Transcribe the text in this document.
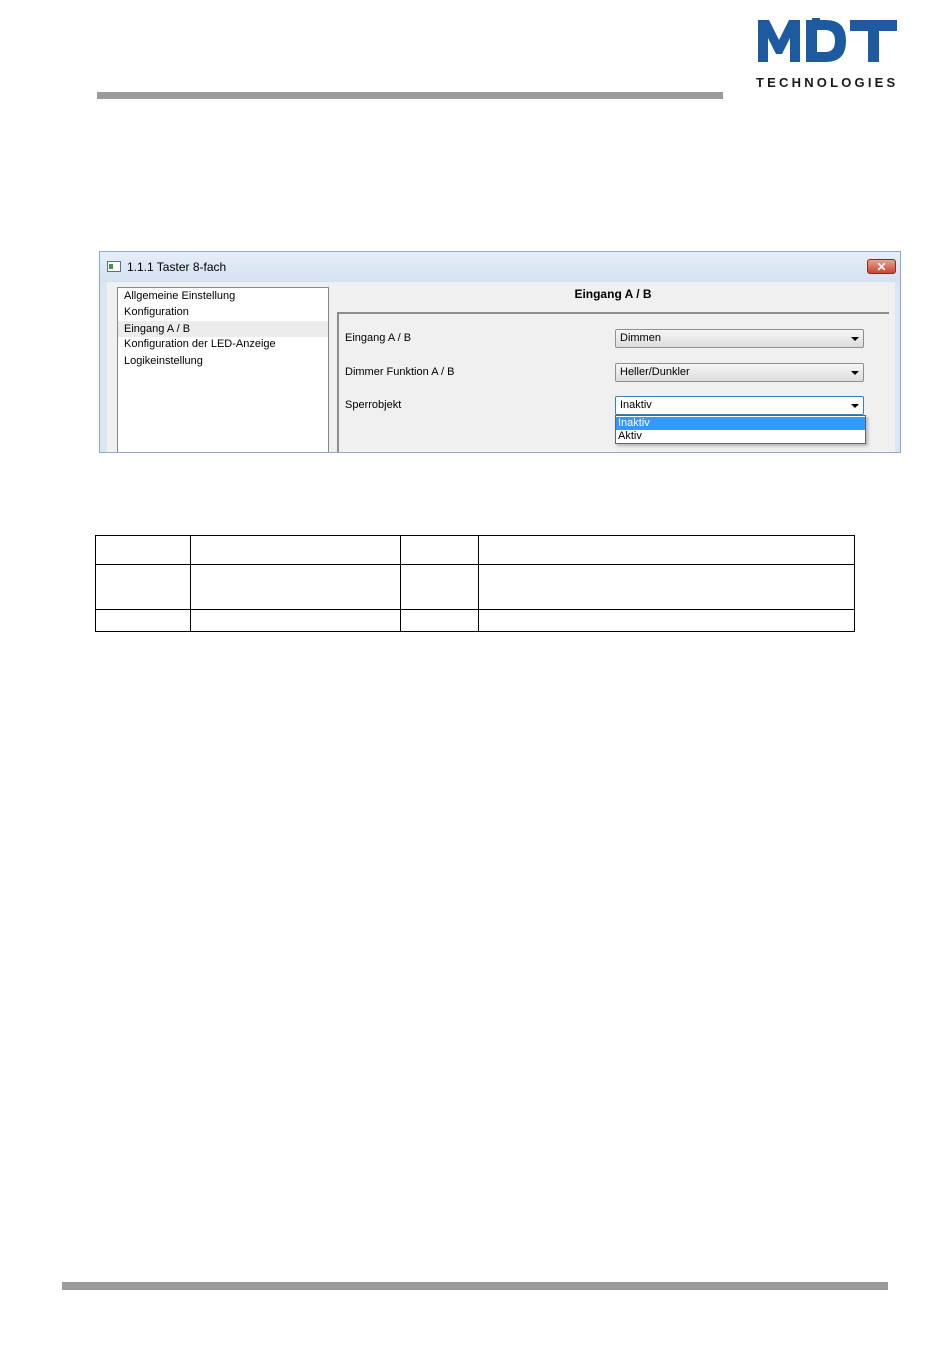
TECHNOLOGIES
1.1.1 Taster 8-fach	✕
Allgemeine Einstellung
Konfiguration
Eingang A / B
Konfiguration der LED-Anzeige
Logikeinstellung
Eingang A / B
Eingang A / B	Dimmen
Dimmer Funktion A / B	Heller/Dunkler
Sperrobjekt	Inaktiv
Inaktiv
Aktiv
